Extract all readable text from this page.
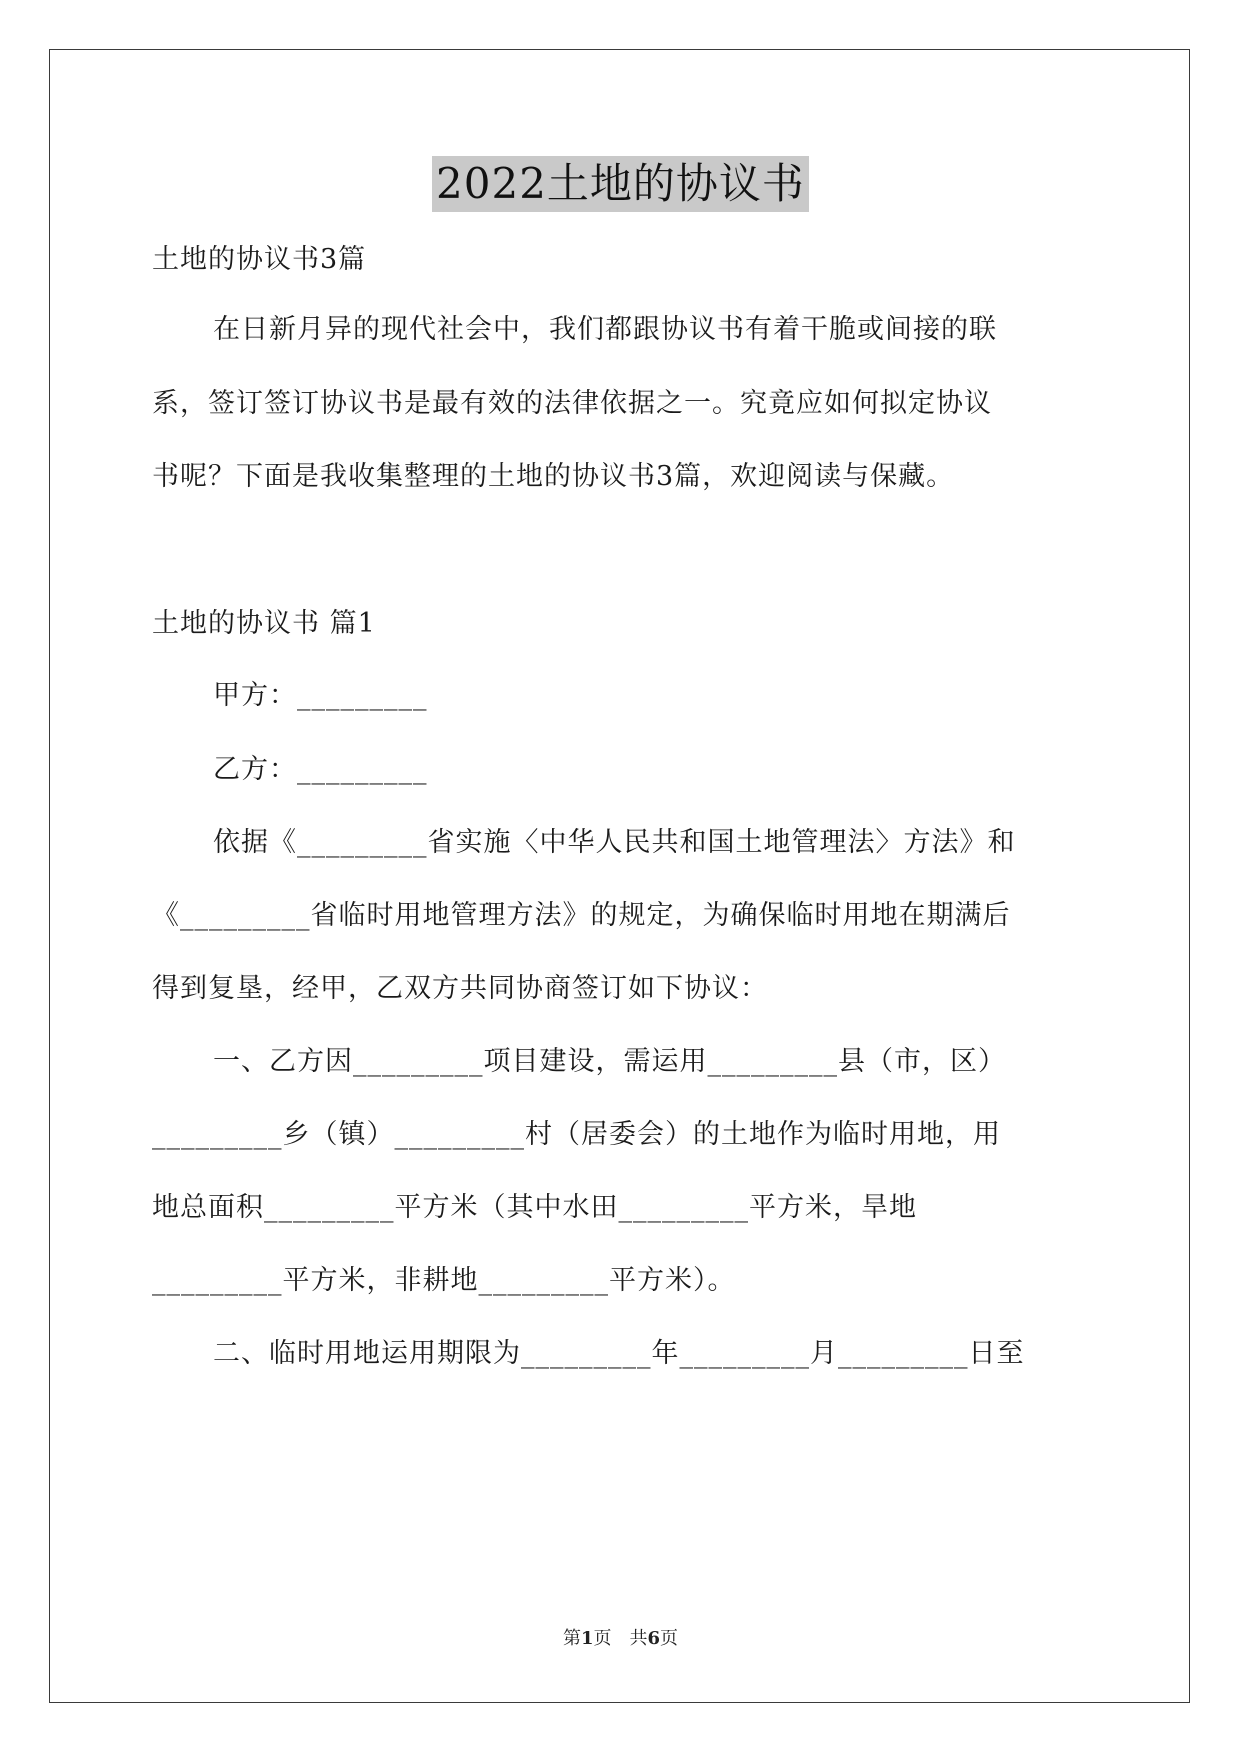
2022土地的协议书
土地的协议书3篇
在日新月异的现代社会中，我们都跟协议书有着干脆或间接的联
系，签订签订协议书是最有效的法律依据之一。究竟应如何拟定协议
书呢？下面是我收集整理的土地的协议书3篇，欢迎阅读与保藏。
土地的协议书 篇1
甲方：_________
乙方：_________
依据《_________省实施〈中华人民共和国土地管理法〉方法》和
《_________省临时用地管理方法》的规定，为确保临时用地在期满后
得到复垦，经甲，乙双方共同协商签订如下协议：
一、乙方因_________项目建设，需运用_________县（市，区）
_________乡（镇）_________村（居委会）的土地作为临时用地，用
地总面积_________平方米（其中水田_________平方米，旱地
_________平方米，非耕地_________平方米）。
二、临时用地运用期限为_________年_________月_________日至
第1页 共6页
